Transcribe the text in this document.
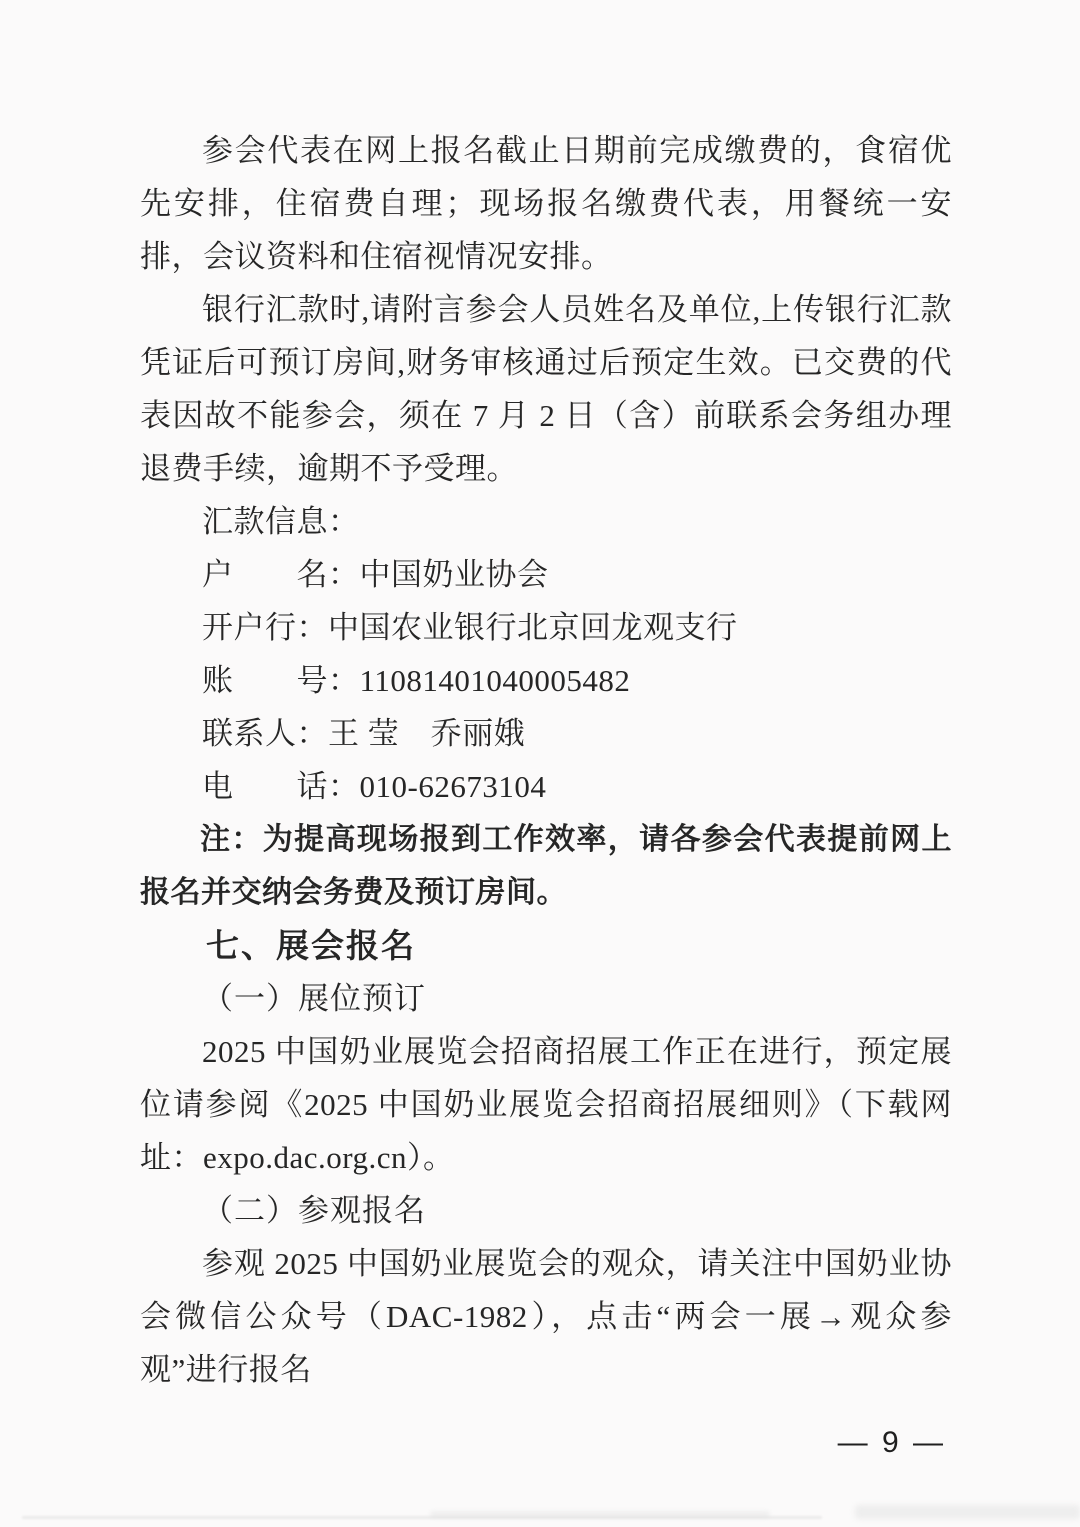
参会代表在网上报名截止日期前完成缴费的，食宿优先安排，住宿费自理；现场报名缴费代表，用餐统一安排，会议资料和住宿视情况安排。

银行汇款时,请附言参会人员姓名及单位,上传银行汇款凭证后可预订房间,财务审核通过后预定生效。已交费的代表因故不能参会，须在 7 月 2 日（含）前联系会务组办理退费手续，逾期不予受理。

汇款信息：

户　　名：中国奶业协会

开户行：中国农业银行北京回龙观支行

账　　号：11081401040005482

联系人：王 莹　乔丽娥

电　　话：010-62673104

注：为提高现场报到工作效率，请各参会代表提前网上报名并交纳会务费及预订房间。

七、展会报名

（一）展位预订

2025 中国奶业展览会招商招展工作正在进行，预定展位请参阅《2025 中国奶业展览会招商招展细则》（下载网址：expo.dac.org.cn）。

（二）参观报名

参观 2025 中国奶业展览会的观众，请关注中国奶业协会微信公众号（DAC-1982），点击“两会一展→观众参观”进行报名

— 9 —
